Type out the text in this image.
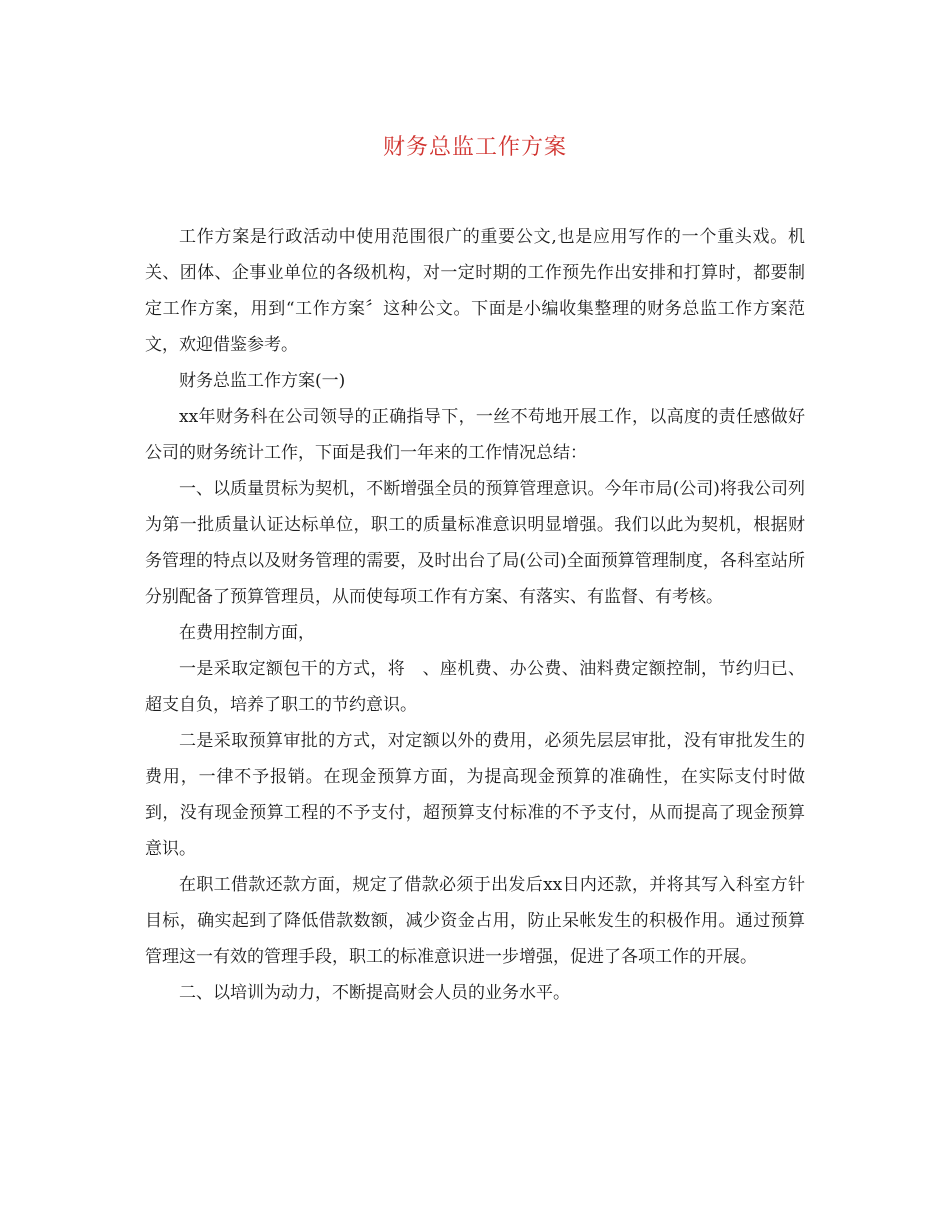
财务总监工作方案

工作方案是行政活动中使用范围很广的重要公文,也是应用写作的一个重头戏。机关、团体、企事业单位的各级机构，对一定时期的工作预先作出安排和打算时，都要制定工作方案，用到“工作方案〞这种公文。下面是小编收集整理的财务总监工作方案范文，欢迎借鉴参考。

财务总监工作方案(一)

xx年财务科在公司领导的正确指导下，一丝不苟地开展工作，以高度的责任感做好公司的财务统计工作，下面是我们一年来的工作情况总结：

一、以质量贯标为契机，不断增强全员的预算管理意识。今年市局(公司)将我公司列为第一批质量认证达标单位，职工的质量标准意识明显增强。我们以此为契机，根据财务管理的特点以及财务管理的需要，及时出台了局(公司)全面预算管理制度，各科室站所分别配备了预算管理员，从而使每项工作有方案、有落实、有监督、有考核。

在费用控制方面，

一是采取定额包干的方式，将　、座机费、办公费、油料费定额控制，节约归已、超支自负，培养了职工的节约意识。

二是采取预算审批的方式，对定额以外的费用，必须先层层审批，没有审批发生的费用，一律不予报销。在现金预算方面，为提高现金预算的准确性，在实际支付时做到，没有现金预算工程的不予支付，超预算支付标准的不予支付，从而提高了现金预算意识。

在职工借款还款方面，规定了借款必须于出发后xx日内还款，并将其写入科室方针目标，确实起到了降低借款数额，减少资金占用，防止呆帐发生的积极作用。通过预算管理这一有效的管理手段，职工的标准意识进一步增强，促进了各项工作的开展。

二、以培训为动力，不断提高财会人员的业务水平。
